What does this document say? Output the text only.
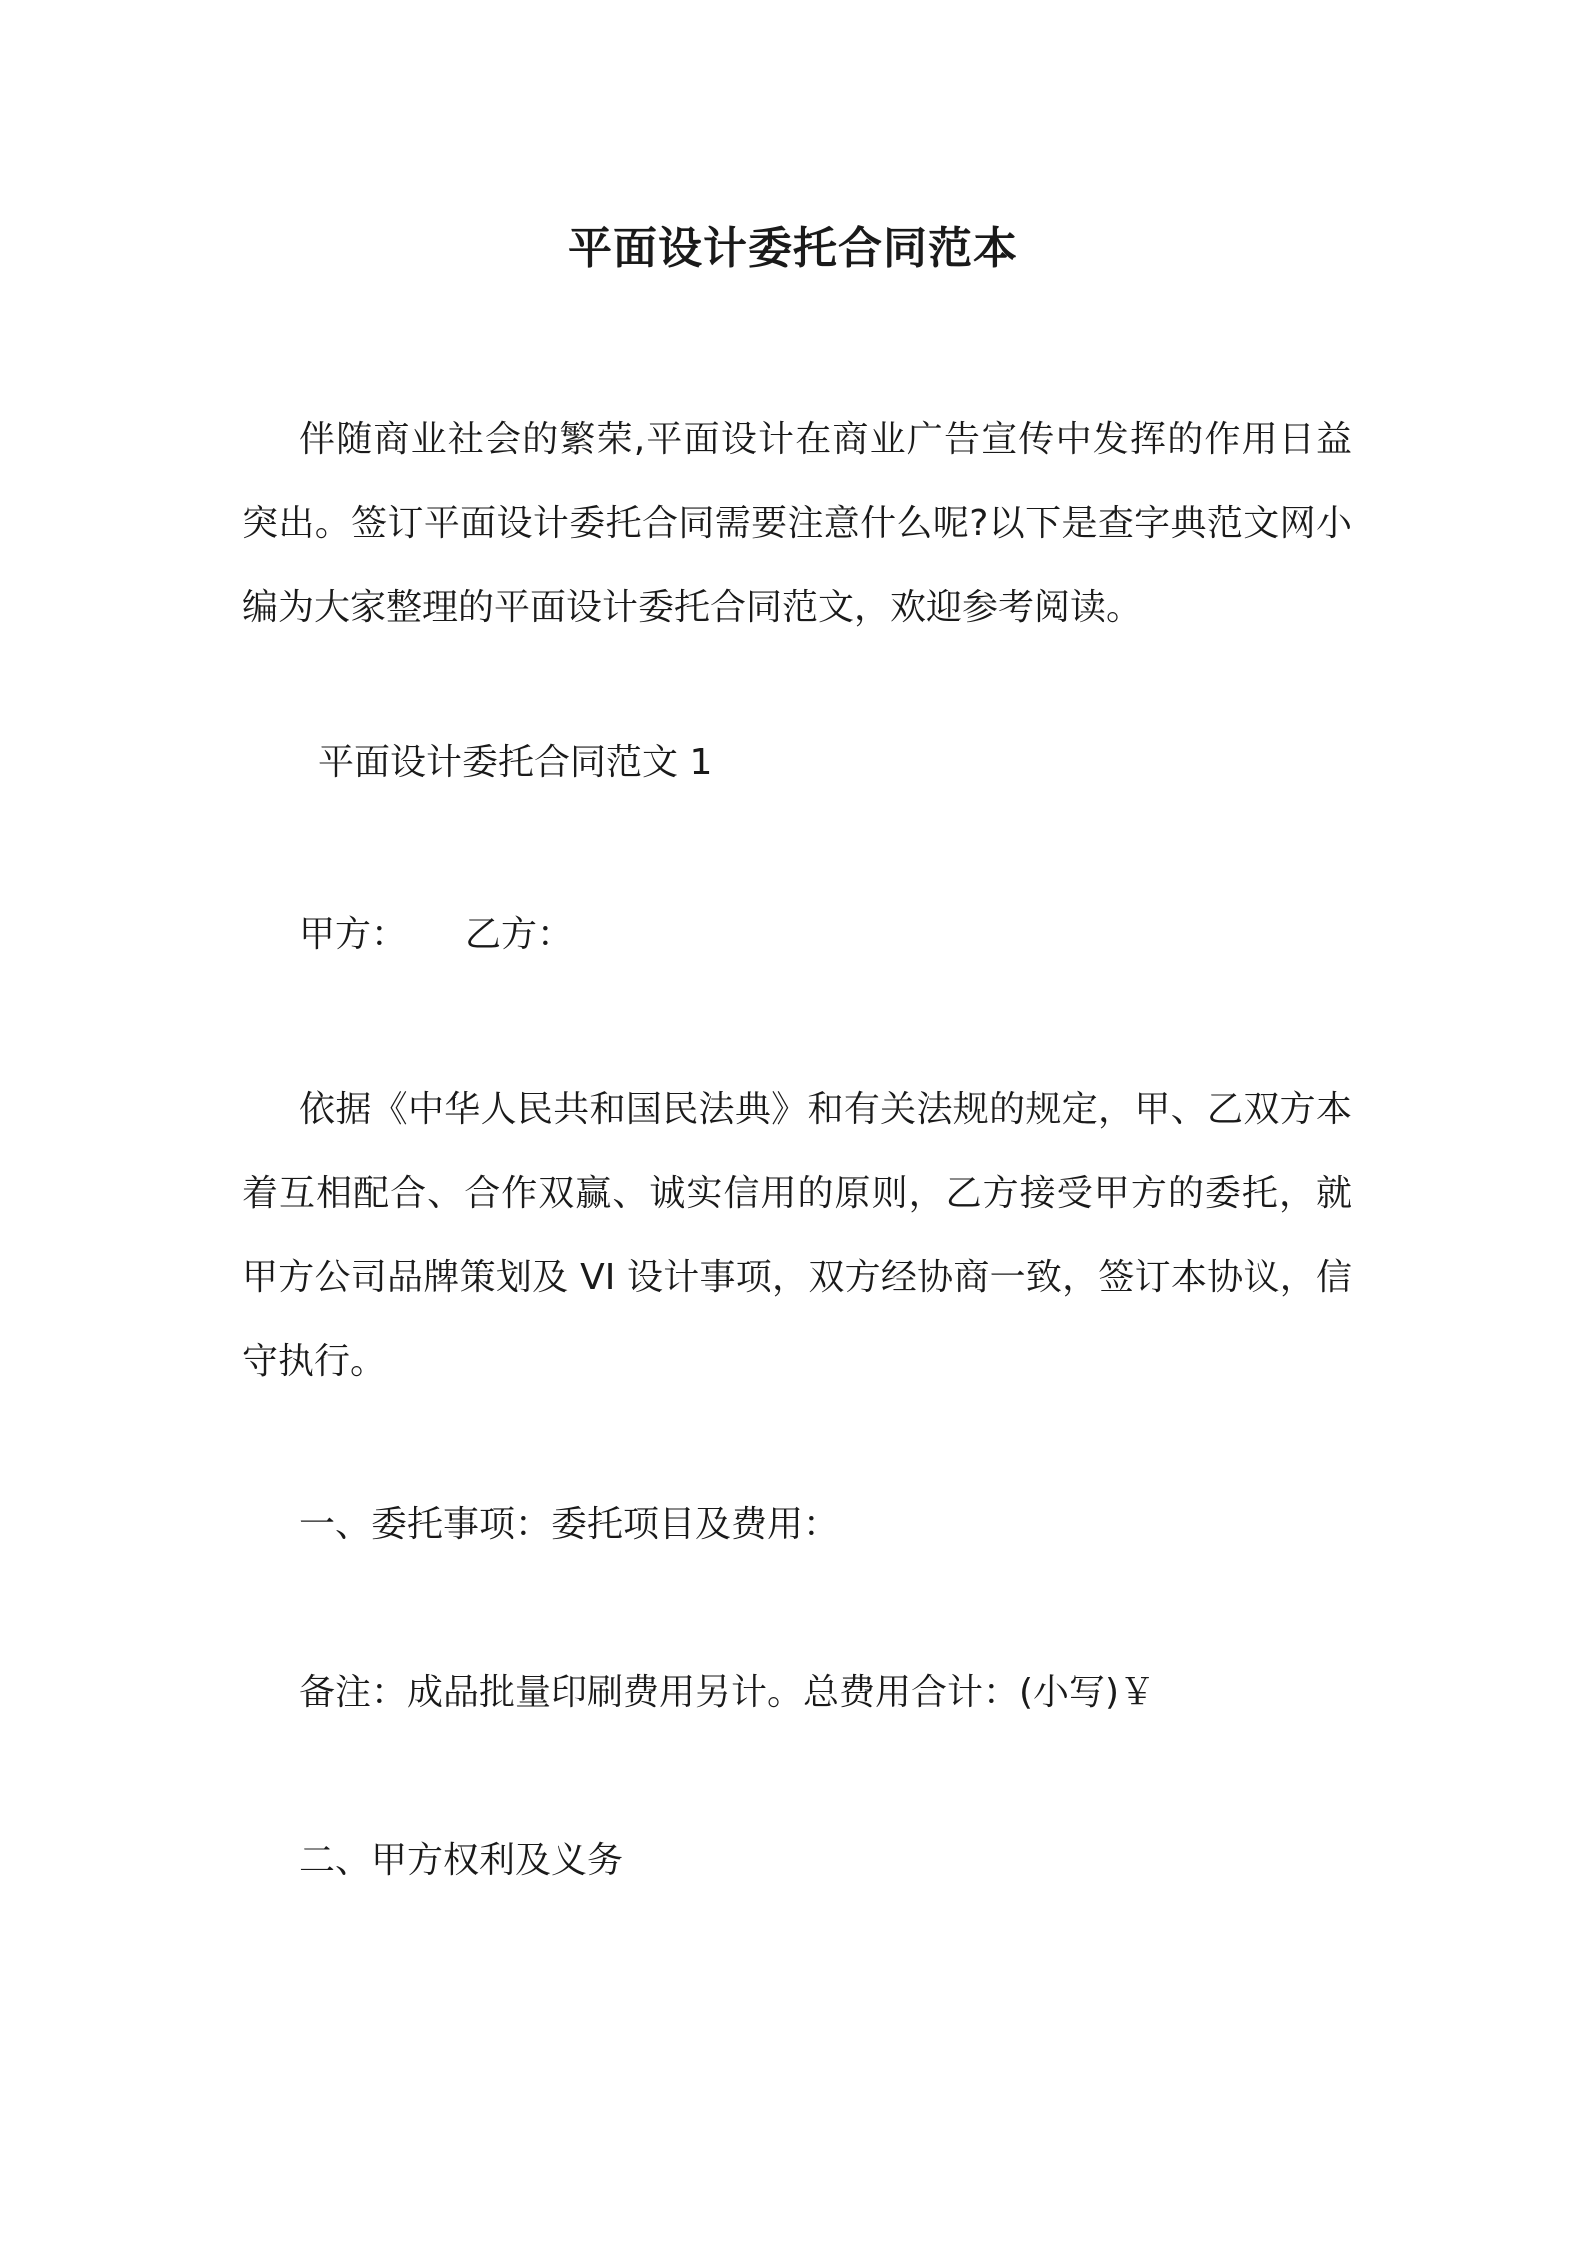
平面设计委托合同范本

伴随商业社会的繁荣,平面设计在商业广告宣传中发挥的作用日益突出。签订平面设计委托合同需要注意什么呢?以下是查字典范文网小编为大家整理的平面设计委托合同范文，欢迎参考阅读。

平面设计委托合同范文 1
甲方： 乙方：

依据《中华人民共和国民法典》和有关法规的规定，甲、乙双方本着互相配合、合作双赢、诚实信用的原则，乙方接受甲方的委托，就甲方公司品牌策划及 VI 设计事项，双方经协商一致，签订本协议，信守执行。

一、委托事项：委托项目及费用：

备注：成品批量印刷费用另计。总费用合计：(小写)￥

二、甲方权利及义务
